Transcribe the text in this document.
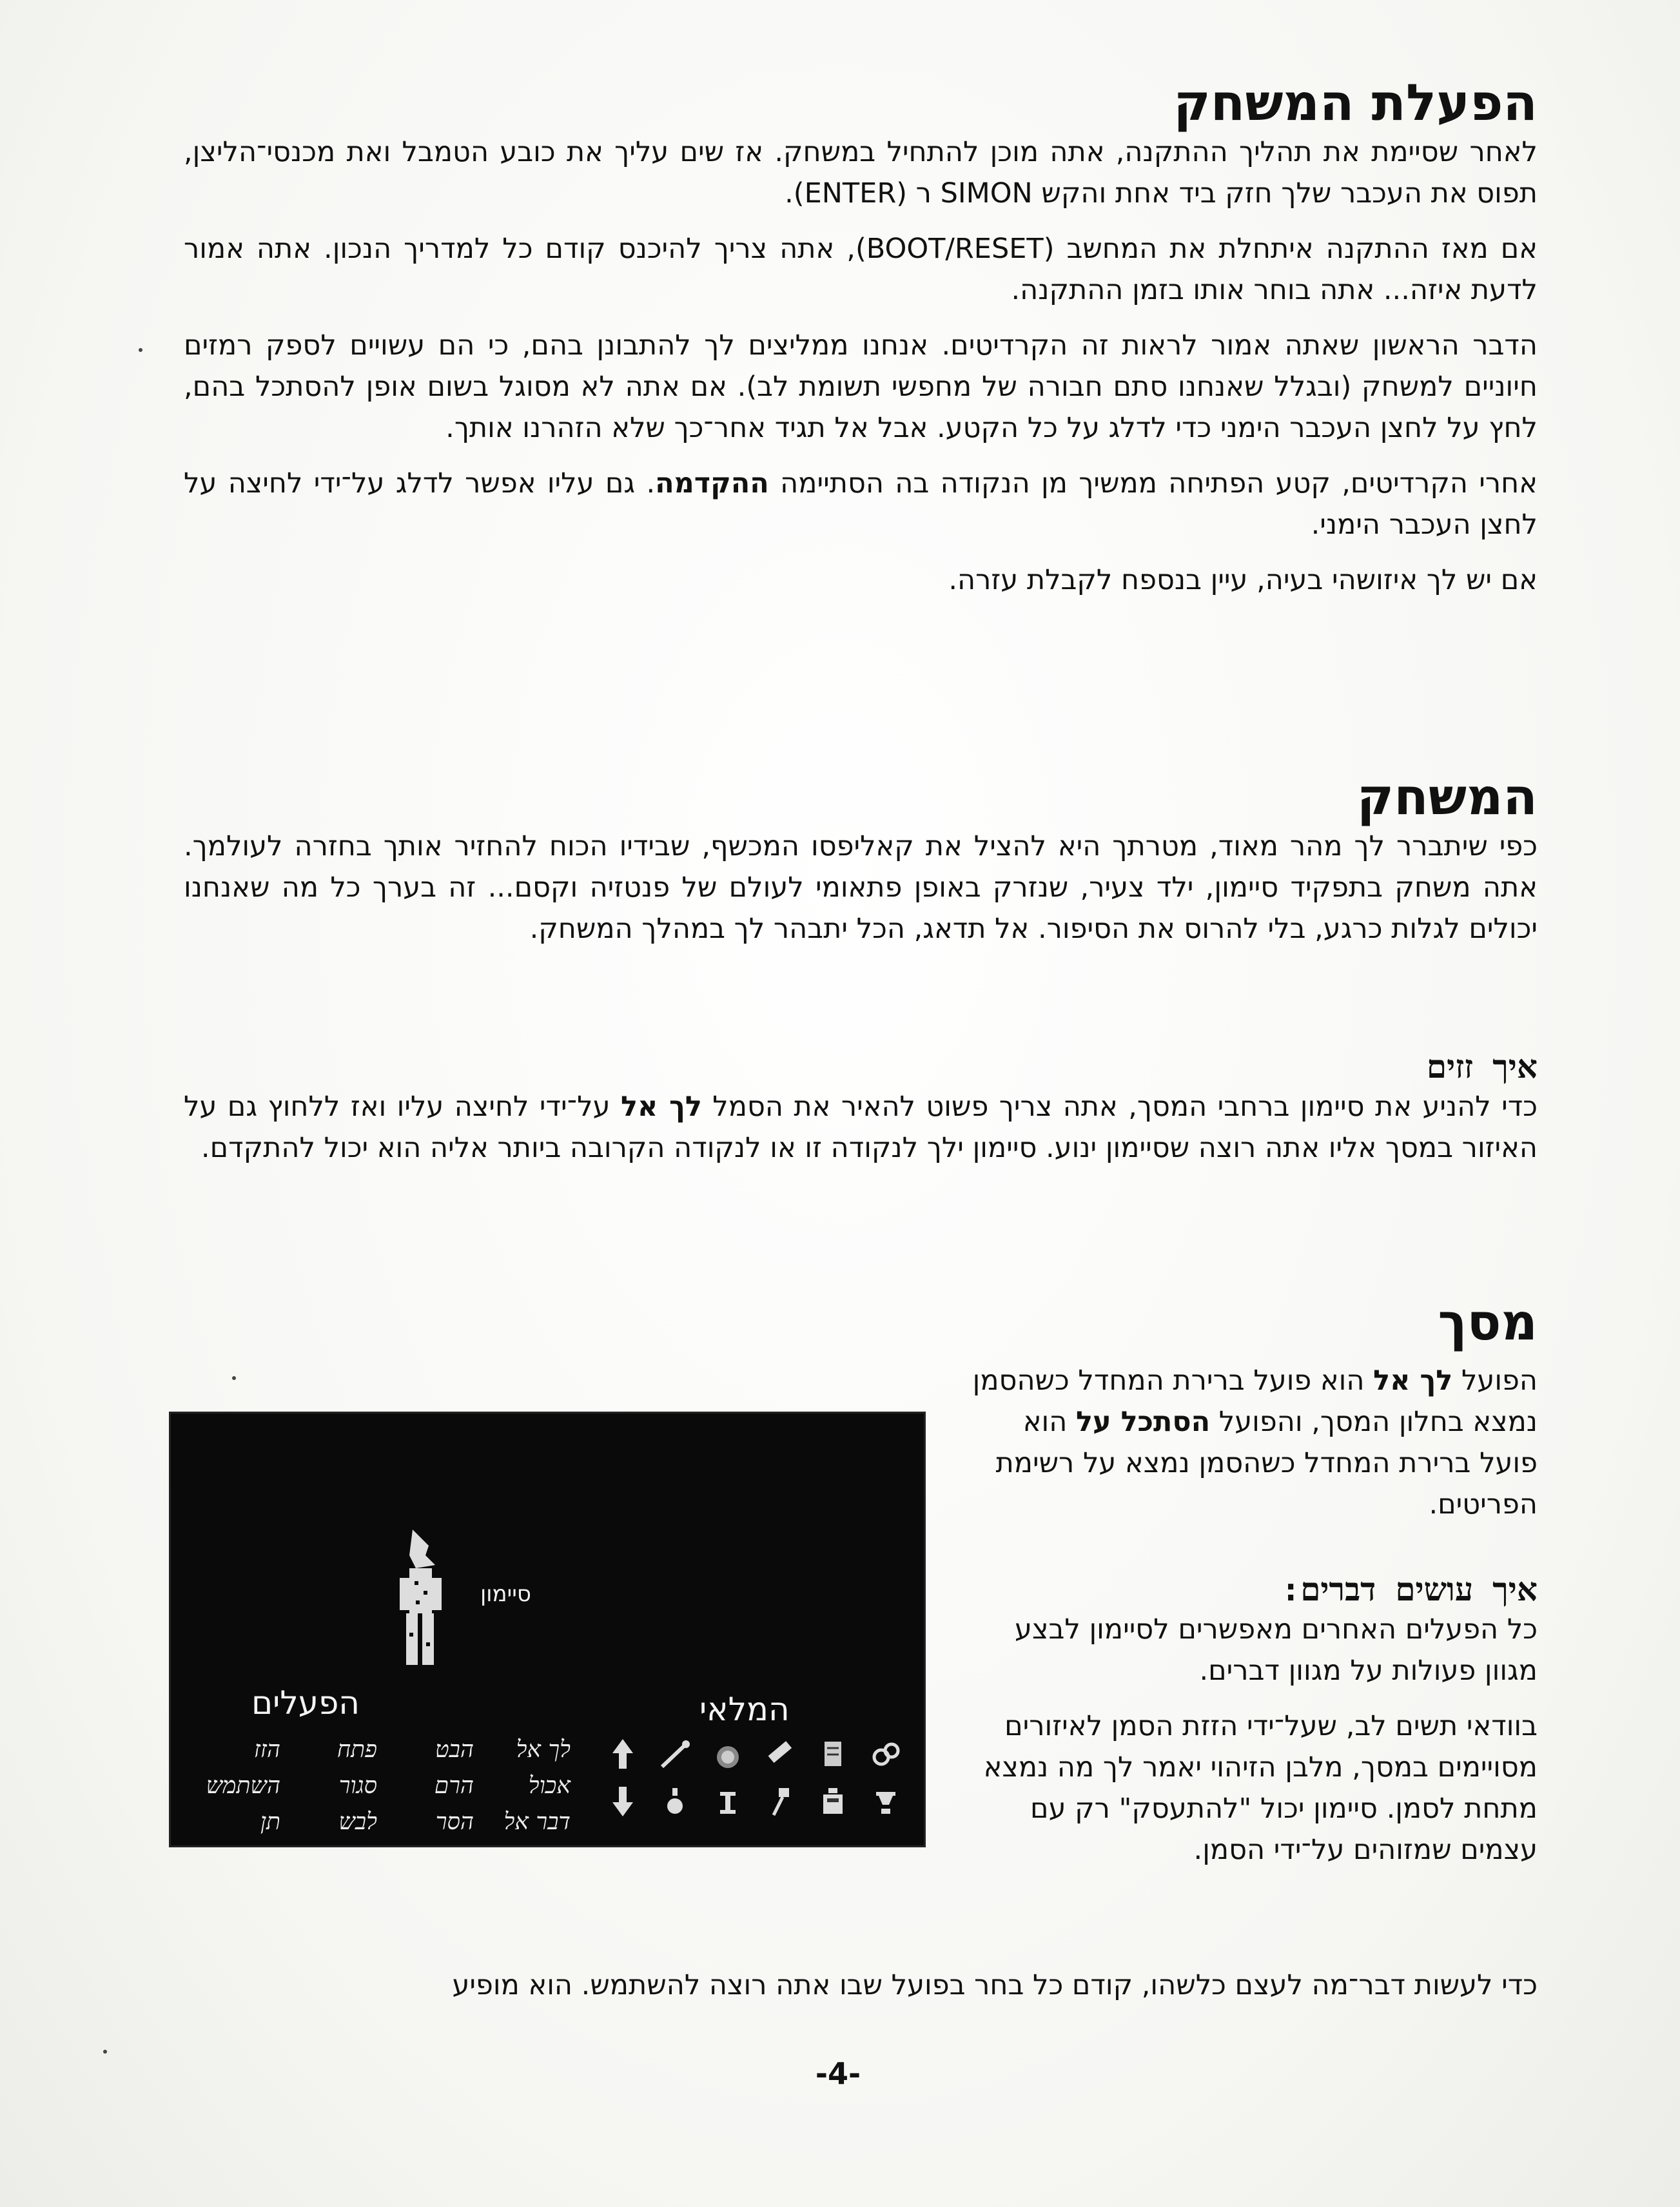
הפעלת המשחק

לאחר שסיימת את תהליך ההתקנה, אתה מוכן להתחיל במשחק. אז שים עליך את כובע הטמבל ואת מכנסי־הליצן, תפוס את העכבר שלך חזק ביד אחת והקש SIMON ר (ENTER).

אם מאז ההתקנה איתחלת את המחשב (BOOT/RESET), אתה צריך להיכנס קודם כל למדריך הנכון. אתה אמור לדעת איזה... אתה בוחר אותו בזמן ההתקנה.

הדבר הראשון שאתה אמור לראות זה הקרדיטים. אנחנו ממליצים לך להתבונן בהם, כי הם עשויים לספק רמזים חיוניים למשחק (ובגלל שאנחנו סתם חבורה של מחפשי תשומת לב). אם אתה לא מסוגל בשום אופן להסתכל בהם, לחץ על לחצן העכבר הימני כדי לדלג על כל הקטע. אבל אל תגיד אחר־כך שלא הזהרנו אותך.

אחרי הקרדיטים, קטע הפתיחה ממשיך מן הנקודה בה הסתיימה ההקדמה. גם עליו אפשר לדלג על־ידי לחיצה על לחצן העכבר הימני.

אם יש לך איזושהי בעיה, עיין בנספח לקבלת עזרה.

המשחק

כפי שיתברר לך מהר מאוד, מטרתך היא להציל את קאליפסו המכשף, שבידיו הכוח להחזיר אותך בחזרה לעולמך. אתה משחק בתפקיד סיימון, ילד צעיר, שנזרק באופן פתאומי לעולם של פנטזיה וקסם... זה בערך כל מה שאנחנו יכולים לגלות כרגע, בלי להרוס את הסיפור. אל תדאג, הכל יתבהר לך במהלך המשחק.

איך זזים

כדי להניע את סיימון ברחבי המסך, אתה צריך פשוט להאיר את הסמל לך אל על־ידי לחיצה עליו ואז ללחוץ גם על האיזור במסך אליו אתה רוצה שסיימון ינוע. סיימון ילך לנקודה זו או לנקודה הקרובה ביותר אליה הוא יכול להתקדם.

מסך

הפועל לך אל הוא פועל ברירת המחדל כשהסמן נמצא בחלון המסך, והפועל הסתכל על הוא פועל ברירת המחדל כשהסמן נמצא על רשימת הפריטים.

איך עושים דברים:

כל הפעלים האחרים מאפשרים לסיימון לבצע מגוון פעולות על מגוון דברים.

בוודאי תשים לב, שעל־ידי הזזת הסמן לאיזורים מסויימים במסך, מלבן הזיהוי יאמר לך מה נמצא מתחת לסמן. סיימון יכול "להתעסק" רק עם עצמים שמזוהים על־ידי הסמן.

סיימון
הפעלים	המלאי
לך אל
הבט
פתח
הזז
אכול
הרם
סגור
השתמש
דבר אל
הסר
לבש
תן

כדי לעשות דבר־מה לעצם כלשהו, קודם כל בחר בפועל שבו אתה רוצה להשתמש. הוא מופיע

-4-
